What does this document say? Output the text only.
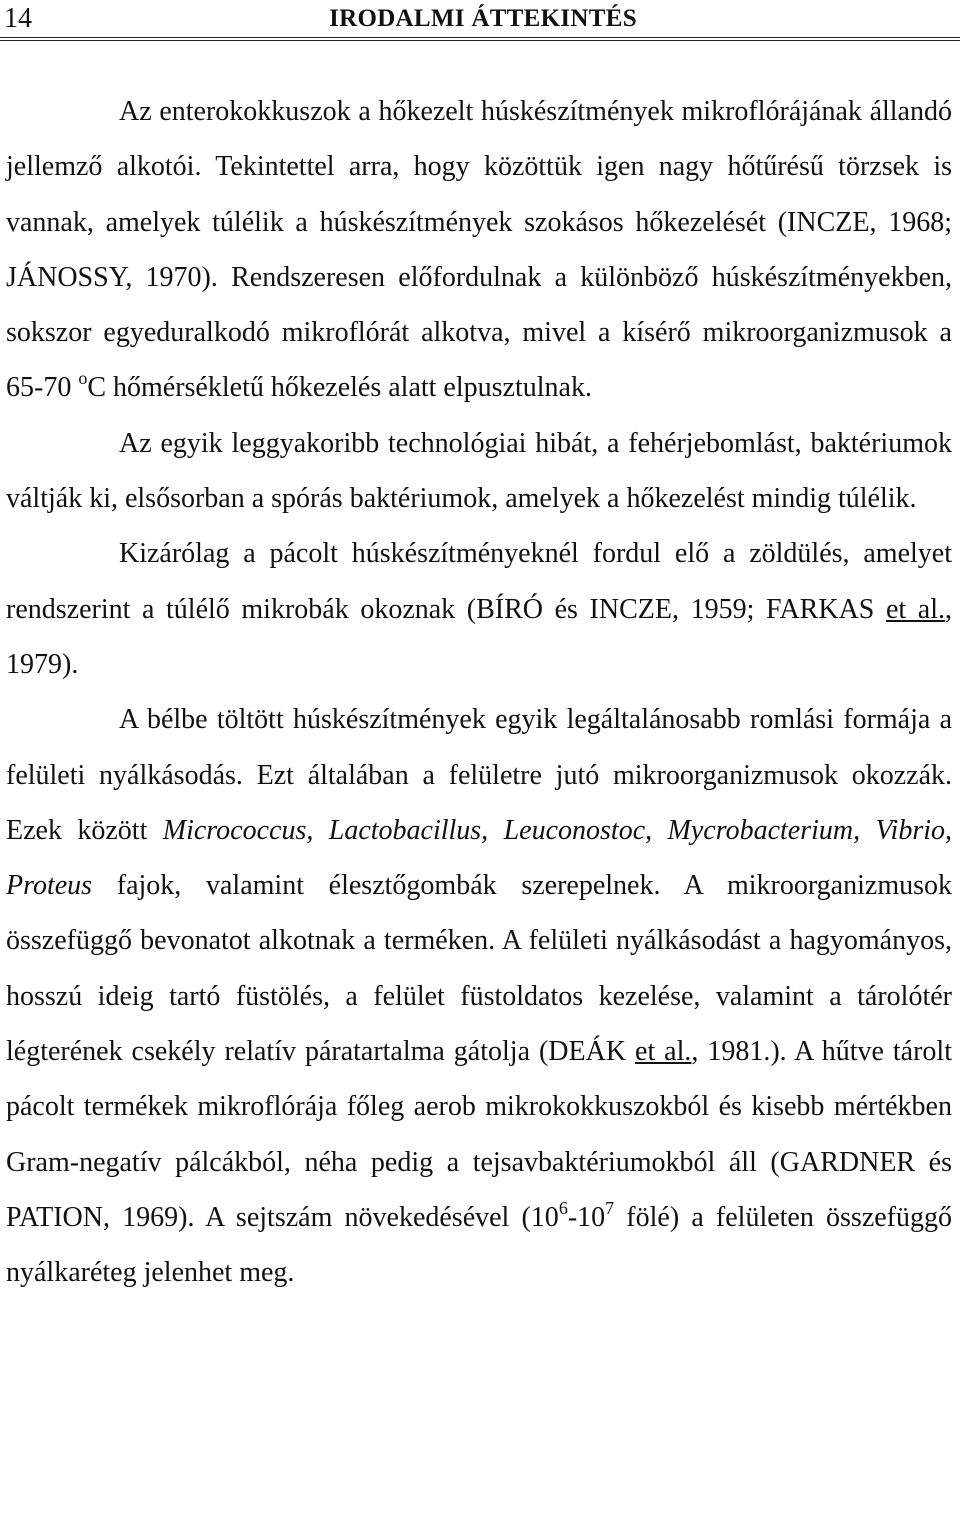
14	IRODALMI ÁTTEKINTÉS

Az enterokokkuszok a hőkezelt húskészítmények mikroflórájának állandó jellemző alkotói. Tekintettel arra, hogy közöttük igen nagy hőtűrésű törzsek is vannak, amelyek túlélik a húskészítmények szokásos hőkezelését (INCZE, 1968; JÁNOSSY, 1970). Rendszeresen előfordulnak a különböző húskészítményekben, sokszor egyeduralkodó mikroflórát alkotva, mivel a kísérő mikroorganizmusok a 65-70 $^o$C hőmérsékletű hőkezelés alatt elpusztulnak.

Az egyik leggyakoribb technológiai hibát, a fehérjebomlást, baktériumok váltják ki, elsősorban a spórás baktériumok, amelyek a hőkezelést mindig túlélik.

Kizárólag a pácolt húskészítményeknél fordul elő a zöldülés, amelyet rendszerint a túlélő mikrobák okoznak (BÍRÓ és INCZE, 1959; FARKAS et al., 1979).

A bélbe töltött húskészítmények egyik legáltalánosabb romlási formája a felületi nyálkásodás. Ezt általában a felületre jutó mikroorganizmusok okozzák. Ezek között Micrococcus, Lactobacillus, Leuconostoc, Mycrobacterium, Vibrio, Proteus fajok, valamint élesztőgombák szerepelnek. A mikroorganizmusok összefüggő bevonatot alkotnak a terméken. A felületi nyálkásodást a hagyományos, hosszú ideig tartó füstölés, a felület füstoldatos kezelése, valamint a tárolótér légterének csekély relatív páratartalma gátolja (DEÁK et al., 1981.). A hűtve tárolt pácolt termékek mikroflórája főleg aerob mikrokokkuszokból és kisebb mértékben Gram-negatív pálcákból, néha pedig a tejsavbaktériumokból áll (GARDNER és PATION, 1969). A sejtszám növekedésével ($10^6-10^7$ fölé) a felületen összefüggő nyálkaréteg jelenhet meg.
